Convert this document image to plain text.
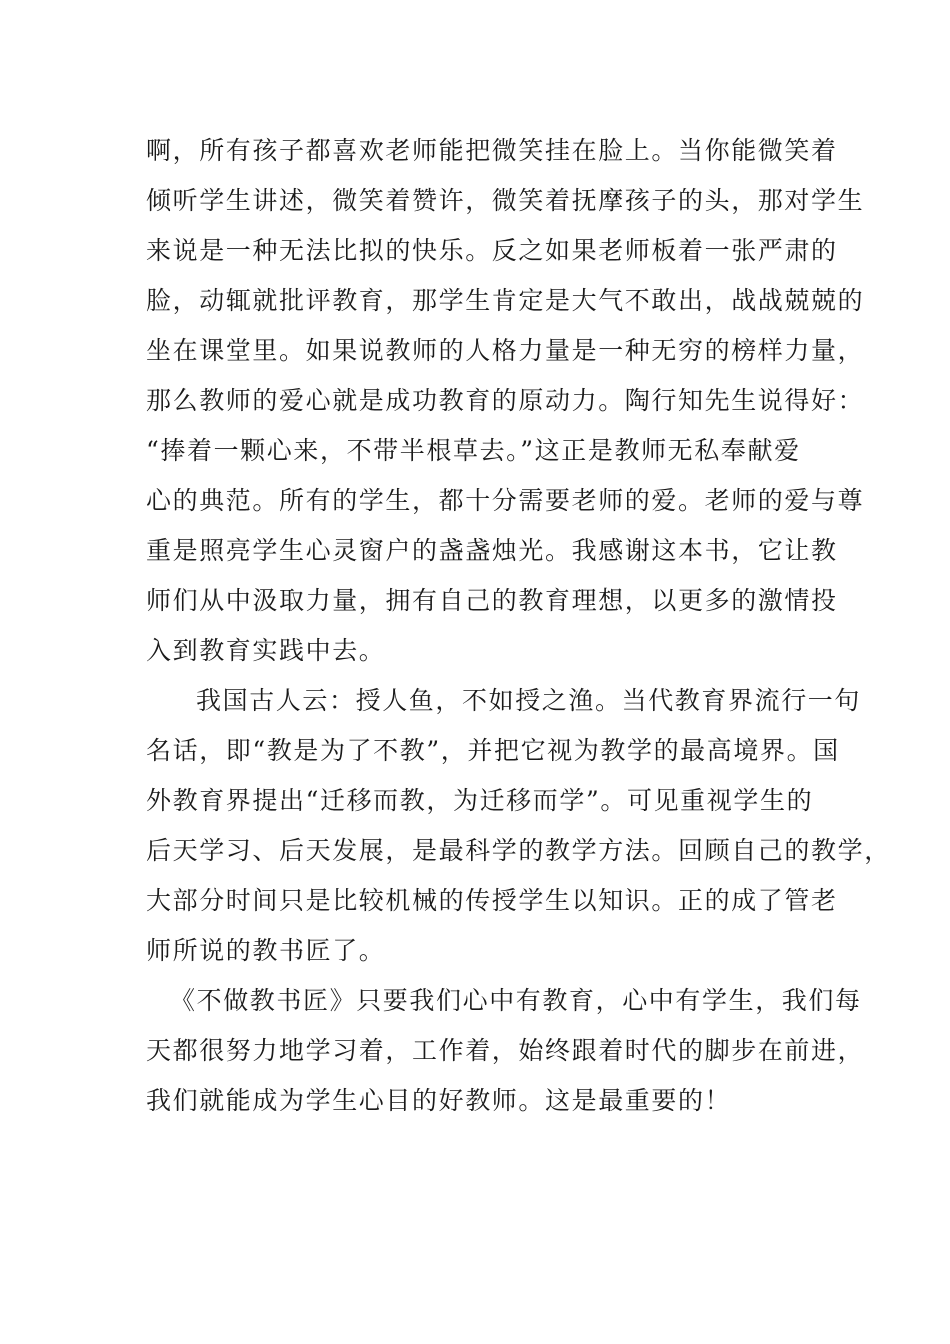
啊，所有孩子都喜欢老师能把微笑挂在脸上。当你能微笑着

倾听学生讲述，微笑着赞许，微笑着抚摩孩子的头，那对学生

来说是一种无法比拟的快乐。反之如果老师板着一张严肃的

脸，动辄就批评教育，那学生肯定是大气不敢出，战战兢兢的

坐在课堂里。如果说教师的人格力量是一种无穷的榜样力量，

那么教师的爱心就是成功教育的原动力。陶行知先生说得好：

“捧着一颗心来，不带半根草去。”这正是教师无私奉献爱

心的典范。所有的学生，都十分需要老师的爱。老师的爱与尊

重是照亮学生心灵窗户的盏盏烛光。我感谢这本书，它让教

师们从中汲取力量，拥有自己的教育理想，以更多的激情投

入到教育实践中去。

我国古人云：授人鱼，不如授之渔。当代教育界流行一句

名话，即“教是为了不教”，并把它视为教学的最高境界。国

外教育界提出“迁移而教，为迁移而学”。可见重视学生的

后天学习、后天发展，是最科学的教学方法。回顾自己的教学，

大部分时间只是比较机械的传授学生以知识。正的成了管老

师所说的教书匠了。

《不做教书匠》只要我们心中有教育，心中有学生，我们每

天都很努力地学习着，工作着，始终跟着时代的脚步在前进，

我们就能成为学生心目的好教师。这是最重要的！
